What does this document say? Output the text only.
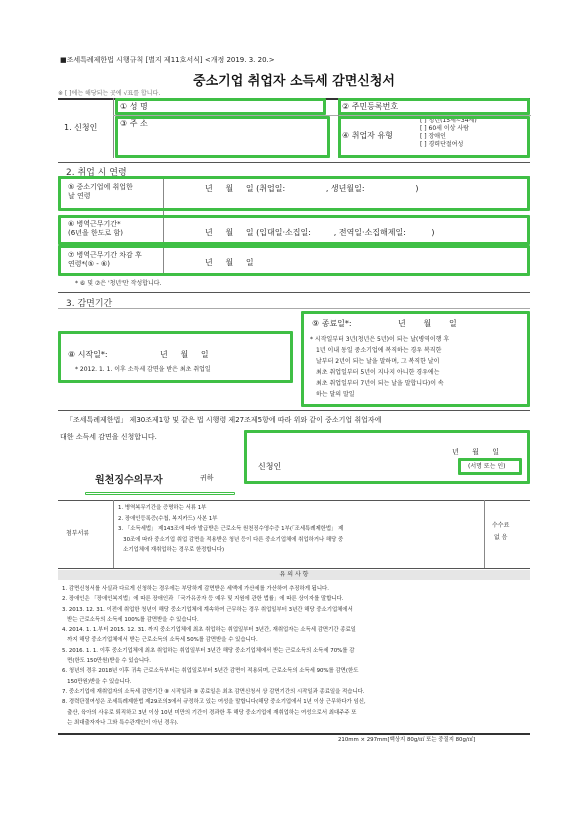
■조세특례제한법 시행규칙 [별지 제11호서식] <개정 2019. 3. 20.>
중소기업 취업자 소득세 감면신청서
※ [ ]에는 해당되는 곳에 √표를 합니다.
1. 신청인
① 성 명	② 주민등록번호
③ 주 소
④ 취업자 유형
[ ] 청년(15세∼34세)
[ ] 60세 이상 사람
[ ] 장애인
[ ] 경력단절여성
2. 취업 시 연령
⑤ 중소기업에 취업한
날 연령
년     월     일 (취업일:                , 생년월일:                    )
⑥ 병역근무기간*
(6년을 한도로 함)	년     월     일 (입대일·소집일:         , 전역일·소집해제일:          )
⑦ 병역근무기간 차감 후
연령*(⑤ - ⑥)	년     월     일
* ⑥ 및 ⑦은 '청년'만 작성합니다.
3. 감면기간
⑧ 시작일*:	년     월     일
* 2012. 1. 1. 이후 소득세 감면을 받은 최초 취업일
⑨ 종료일*:	년       월       일
* 시작일부터 3년(청년은 5년)이 되는 날(병역이행 후
1년 이내 동일 중소기업에 복직하는 경우 복직한
날부터 2년이 되는 날을 말하며, 그 복직한 날이
최초 취업일부터 5년이 지나지 아니한 경우에는
최초 취업일부터 7년이 되는 날을 말합니다)이 속
하는 달의 말일
「조세특례제한법」 제30조제1항 및 같은 법 시행령 제27조제5항에 따라 위와 같이 중소기업 취업자에
대한 소득세 감면을 신청합니다.
년      월      일
신청인	(서명 또는 인)
원천징수의무자	귀하
첨부서류
1. 병역복무기간을 증명하는 서류 1부
2. 장애인등록증(수첩, 복지카드) 사본 1부
3. 「소득세법」 제143조에 따라 발급받은 근로소득 원천징수영수증 1부(「조세특례제한법」 제
30조에 따라 중소기업 취업 감면을 적용받은 청년 등이 다른 중소기업체에 취업하거나 해당 중
소기업체에 재취업하는 경우로 한정합니다)
수수료
없 음
유 의 사 항
1. 감면신청서를 사실과 다르게 신청하는 경우에는 부당하게 감면받은 세액에 가산세를 가산하여 추징하게 됩니다.
2. 장애인은 「장애인복지법」에 따른 장애인과 「국가유공자 등 예우 및 지원에 관한 법률」에 따른 상이자를 말합니다.
3. 2013. 12. 31. 이전에 취업한 청년이 해당 중소기업체에 계속하여 근무하는 경우 취업일부터 3년간 해당 중소기업체에서
받는 근로소득의 소득세 100%를 감면받을 수 있습니다.
4. 2014. 1. 1.부터 2015. 12. 31. 까지 중소기업체에 최초 취업하는 취업일부터 3년간, 재취업자는 소득세 감면기간 종료일
까지 해당 중소기업체에서 받는 근로소득의 소득세 50%를 감면받을 수 있습니다.
5. 2016. 1. 1. 이후 중소기업체에 최초 취업하는 취업일부터 3년간 해당 중소기업체에서 받는 근로소득의 소득세 70%를 감
면(한도 150만원)받을 수 있습니다.
6. 청년의 경우 2018년 이후 귀속 근로소득부터는 취업일로부터 5년간 감면이 적용되며, 근로소득의 소득세 90%를 감면(한도
150만원)받을 수 있습니다.
7. 중소기업에 재취업자의 소득세 감면기간 ⑧ 시작일과 ⑨ 종료일은 최초 감면신청서 상 감면기간의 시작일과 종료일을 적습니다.
8. 경력단절여성은 조세특례제한법 제29조의3에서 규정하고 있는 여성을 말합니다(해당 중소기업에서 1년 이상 근무하다가 임신,
출산, 육아의 사유로 퇴직하고 3년 이상 10년 미만의 기간이 경과한 후 해당 중소기업에 재취업하는 여성으로서 최대주주 또
는 최대출자자나 그와 특수관계인이 아닌 경우).
210mm × 297mm[백상지 80g/㎡ 또는 중질지 80g/㎡]
